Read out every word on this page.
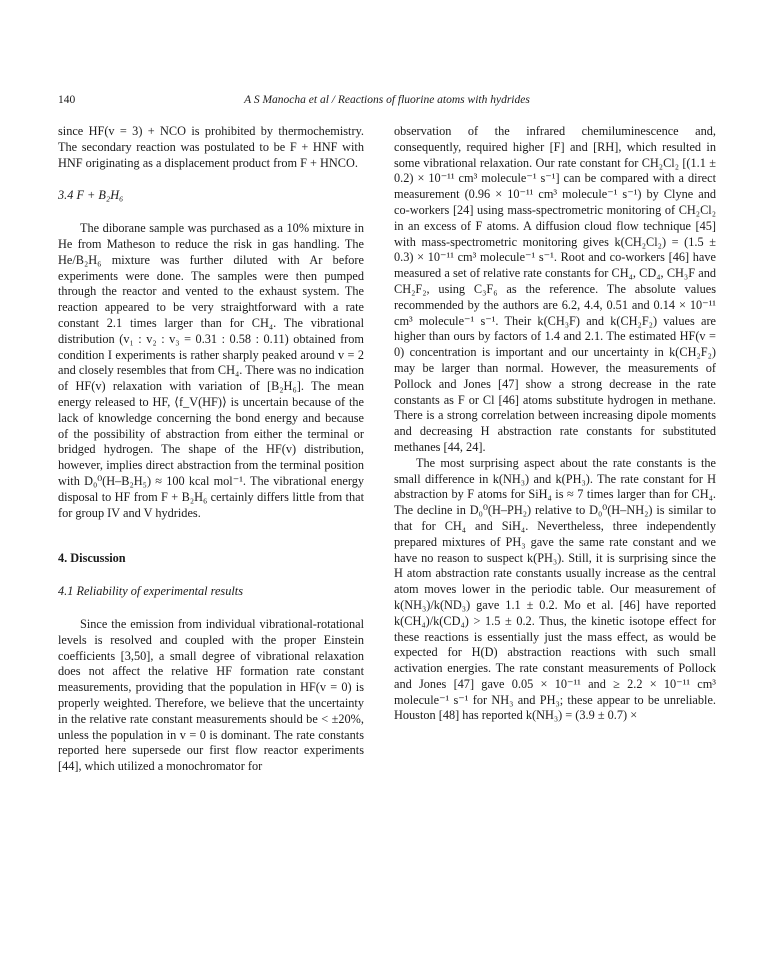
140	A S Manocha et al / Reactions of fluorine atoms with hydrides

since HF(v = 3) + NCO is prohibited by thermochemistry. The secondary reaction was postulated to be F + HNF with HNF originating as a displacement product from F + HNCO.

3.4 F + B₂H₆

The diborane sample was purchased as a 10% mixture in He from Matheson to reduce the risk in gas handling. The He/B₂H₆ mixture was further diluted with Ar before experiments were done. The samples were then pumped through the reactor and vented to the exhaust system. The reaction appeared to be very straightforward with a rate constant 2.1 times larger than for CH₄. The vibrational distribution (v₁ : v₂ : v₃ = 0.31 : 0.58 : 0.11) obtained from condition I experiments is rather sharply peaked around v = 2 and closely resembles that from CH₄. There was no indication of HF(v) relaxation with variation of [B₂H₆]. The mean energy released to HF, ⟨f_V(HF)⟩ is uncertain because of the lack of knowledge concerning the bond energy and because of the possibility of abstraction from either the terminal or bridged hydrogen. The shape of the HF(v) distribution, however, implies direct abstraction from the terminal position with D₀⁰(H–B₂H₅) ≈ 100 kcal mol⁻¹. The vibrational energy disposal to HF from F + B₂H₆ certainly differs little from that for group IV and V hydrides.

4. Discussion

4.1 Reliability of experimental results

Since the emission from individual vibrational-rotational levels is resolved and coupled with the proper Einstein coefficients [3,50], a small degree of vibrational relaxation does not affect the relative HF formation rate constant measurements, providing that the population in HF(v = 0) is properly weighted. Therefore, we believe that the uncertainty in the relative rate constant measurements should be < ±20%, unless the population in v = 0 is dominant. The rate constants reported here supersede our first flow reactor experiments [44], which utilized a monochromator for

observation of the infrared chemiluminescence and, consequently, required higher [F] and [RH], which resulted in some vibrational relaxation. Our rate constant for CH₂Cl₂ [(1.1 ± 0.2) × 10⁻¹¹ cm³ molecule⁻¹ s⁻¹] can be compared with a direct measurement (0.96 × 10⁻¹¹ cm³ molecule⁻¹ s⁻¹) by Clyne and co-workers [24] using mass-spectrometric monitoring of CH₂Cl₂ in an excess of F atoms. A diffusion cloud flow technique [45] with mass-spectrometric monitoring gives k(CH₂Cl₂) = (1.5 ± 0.3) × 10⁻¹¹ cm³ molecule⁻¹ s⁻¹. Root and co-workers [46] have measured a set of relative rate constants for CH₄, CD₄, CH₃F and CH₂F₂, using C₃F₆ as the reference. The absolute values recommended by the authors are 6.2, 4.4, 0.51 and 0.14 × 10⁻¹¹ cm³ molecule⁻¹ s⁻¹. Their k(CH₃F) and k(CH₂F₂) values are higher than ours by factors of 1.4 and 2.1. The estimated HF(v = 0) concentration is important and our uncertainty in k(CH₂F₂) may be larger than normal. However, the measurements of Pollock and Jones [47] show a strong decrease in the rate constants as F or Cl [46] atoms substitute hydrogen in methane. There is a strong correlation between increasing dipole moments and decreasing H abstraction rate constants for substituted methanes [44, 24].

The most surprising aspect about the rate constants is the small difference in k(NH₃) and k(PH₃). The rate constant for H abstraction by F atoms for SiH₄ is ≈ 7 times larger than for CH₄. The decline in D₀⁰(H–PH₂) relative to D₀⁰(H–NH₂) is similar to that for CH₄ and SiH₄. Nevertheless, three independently prepared mixtures of PH₃ gave the same rate constant and we have no reason to suspect k(PH₃). Still, it is surprising since the H atom abstraction rate constants usually increase as the central atom moves lower in the periodic table. Our measurement of k(NH₃)/k(ND₃) gave 1.1 ± 0.2. Mo et al. [46] have reported k(CH₄)/k(CD₄) > 1.5 ± 0.2. Thus, the kinetic isotope effect for these reactions is essentially just the mass effect, as would be expected for H(D) abstraction reactions with such small activation energies. The rate constant measurements of Pollock and Jones [47] gave 0.05 × 10⁻¹¹ and ≥ 2.2 × 10⁻¹¹ cm³ molecule⁻¹ s⁻¹ for NH₃ and PH₃; these appear to be unreliable. Houston [48] has reported k(NH₃) = (3.9 ± 0.7) ×
